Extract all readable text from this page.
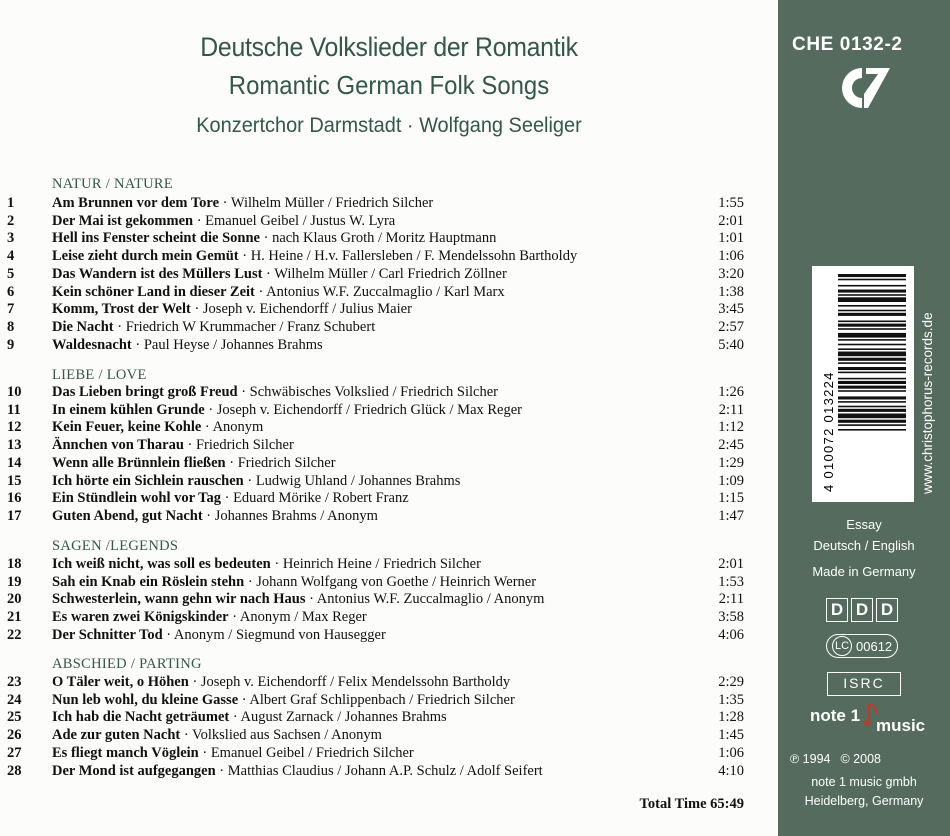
Deutsche Volkslieder der Romantik
Romantic German Folk Songs
Konzertchor Darmstadt · Wolfgang Seeliger
NATUR / NATURE
1	Am Brunnen vor dem Tore · Wilhelm Müller / Friedrich Silcher	1:55
2	Der Mai ist gekommen · Emanuel Geibel / Justus W. Lyra	2:01
3	Hell ins Fenster scheint die Sonne · nach Klaus Groth / Moritz Hauptmann	1:01
4	Leise zieht durch mein Gemüt · H. Heine / H.v. Fallersleben / F. Mendelssohn Bartholdy	1:06
5	Das Wandern ist des Müllers Lust · Wilhelm Müller / Carl Friedrich Zöllner	3:20
6	Kein schöner Land in dieser Zeit · Antonius W.F. Zuccalmaglio / Karl Marx	1:38
7	Komm, Trost der Welt · Joseph v. Eichendorff / Julius Maier	3:45
8	Die Nacht · Friedrich W Krummacher / Franz Schubert	2:57
9	Waldesnacht · Paul Heyse / Johannes Brahms	5:40
LIEBE / LOVE
10 Das Lieben bringt groß Freud · Schwäbisches Volkslied / Friedrich Silcher	1:26
11 In einem kühlen Grunde · Joseph v. Eichendorff / Friedrich Glück / Max Reger	2:11
12 Kein Feuer, keine Kohle · Anonym	1:12
13 Ännchen von Tharau · Friedrich Silcher	2:45
14 Wenn alle Brünnlein fließen · Friedrich Silcher	1:29
15 Ich hörte ein Sichlein rauschen · Ludwig Uhland / Johannes Brahms	1:09
16 Ein Stündlein wohl vor Tag · Eduard Mörike / Robert Franz	1:15
17 Guten Abend, gut Nacht · Johannes Brahms / Anonym	1:47
SAGEN /LEGENDS
18 Ich weiß nicht, was soll es bedeuten · Heinrich Heine / Friedrich Silcher	2:01
19 Sah ein Knab ein Röslein stehn · Johann Wolfgang von Goethe / Heinrich Werner	1:53
20 Schwesterlein, wann gehn wir nach Haus · Antonius W.F. Zuccalmaglio / Anonym	2:11
21 Es waren zwei Königskinder · Anonym / Max Reger	3:58
22 Der Schnitter Tod · Anonym / Siegmund von Hausegger	4:06
ABSCHIED / PARTING
23 O Täler weit, o Höhen · Joseph v. Eichendorff / Felix Mendelssohn Bartholdy	2:29
24 Nun leb wohl, du kleine Gasse · Albert Graf Schlippenbach / Friedrich Silcher	1:35
25 Ich hab die Nacht geträumet · August Zarnack / Johannes Brahms	1:28
26 Ade zur guten Nacht · Volkslied aus Sachsen / Anonym	1:45
27 Es fliegt manch Vöglein · Emanuel Geibel / Friedrich Silcher	1:06
28 Der Mond ist aufgegangen · Matthias Claudius / Johann A.P. Schulz / Adolf Seifert	4:10
Total Time 65:49
CHE 0132-2
4 010072 013224	www.christophorus-records.de
Essay
Deutsch / English
Made in Germany
D D D
LC 00612
ISRC
note 1
music
℗ 1994 © 2008
note 1 music gmbh
Heidelberg, Germany
